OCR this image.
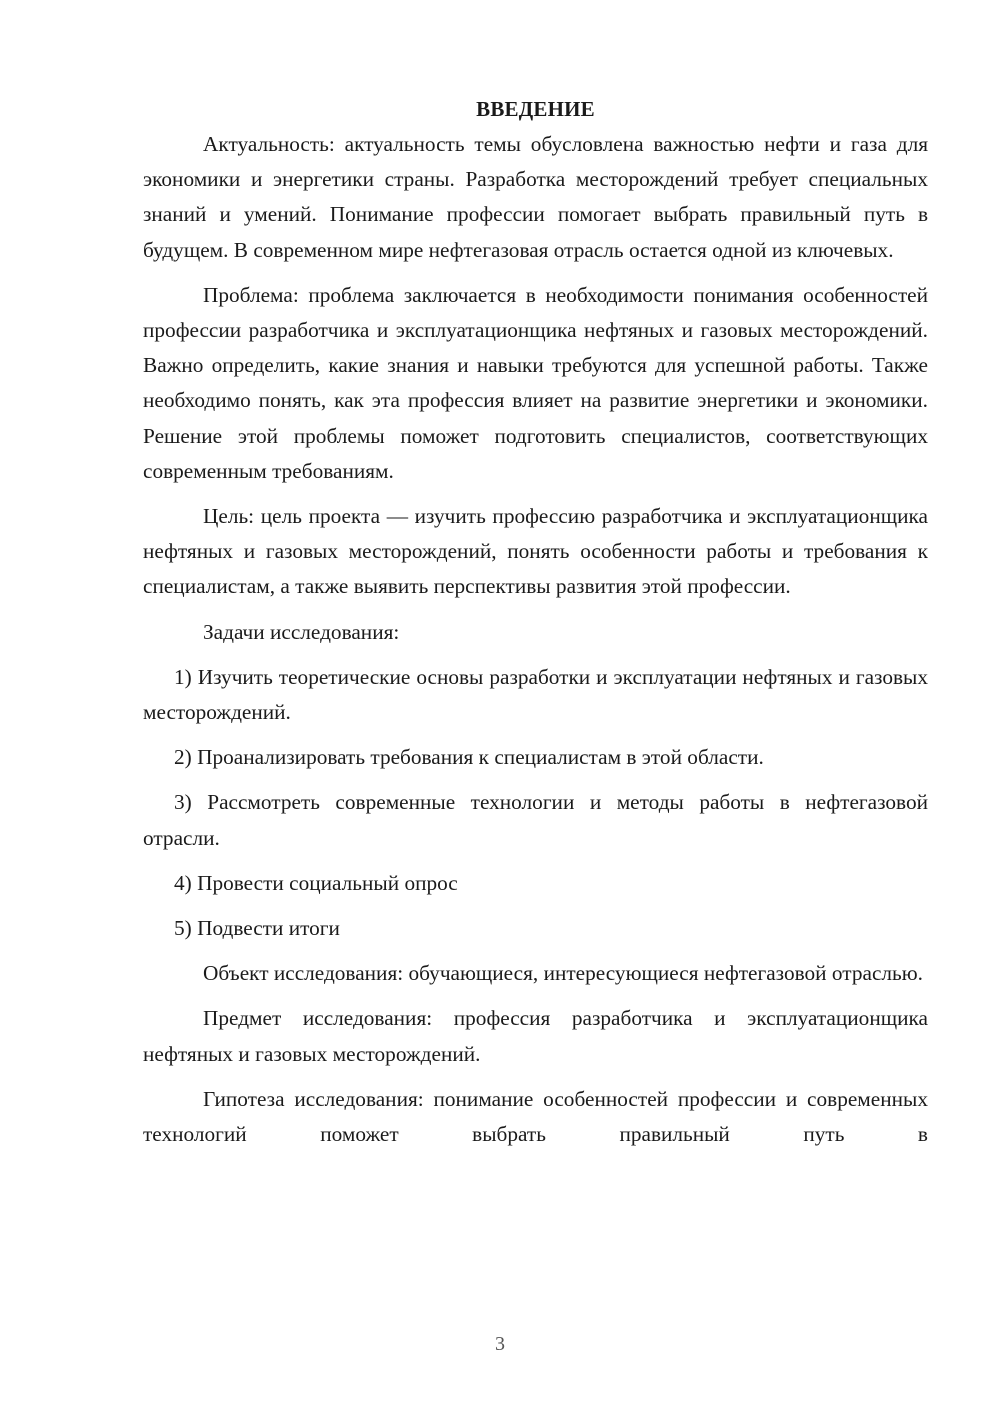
ВВЕДЕНИЕ

Актуальность: актуальность темы обусловлена важностью нефти и газа для экономики и энергетики страны. Разработка месторождений требует специальных знаний и умений. Понимание профессии помогает выбрать правильный путь в будущем. В современном мире нефтегазовая отрасль остается одной из ключевых.

Проблема: проблема заключается в необходимости понимания особенностей профессии разработчика и эксплуатационщика нефтяных и газовых месторождений. Важно определить, какие знания и навыки требуются для успешной работы. Также необходимо понять, как эта профессия влияет на развитие энергетики и экономики. Решение этой проблемы поможет подготовить специалистов, соответствующих современным требованиям.

Цель: цель проекта — изучить профессию разработчика и эксплуатационщика нефтяных и газовых месторождений, понять особенности работы и требования к специалистам, а также выявить перспективы развития этой профессии.

Задачи исследования:

1) Изучить теоретические основы разработки и эксплуатации нефтяных и газовых месторождений.

2) Проанализировать требования к специалистам в этой области.

3) Рассмотреть современные технологии и методы работы в нефтегазовой отрасли.

4) Провести социальный опрос

5) Подвести итоги

Объект исследования: обучающиеся, интересующиеся нефтегазовой отраслью.

Предмет исследования: профессия разработчика и эксплуатационщика нефтяных и газовых месторождений.

Гипотеза исследования: понимание особенностей профессии и современных технологий поможет выбрать правильный путь в

3
